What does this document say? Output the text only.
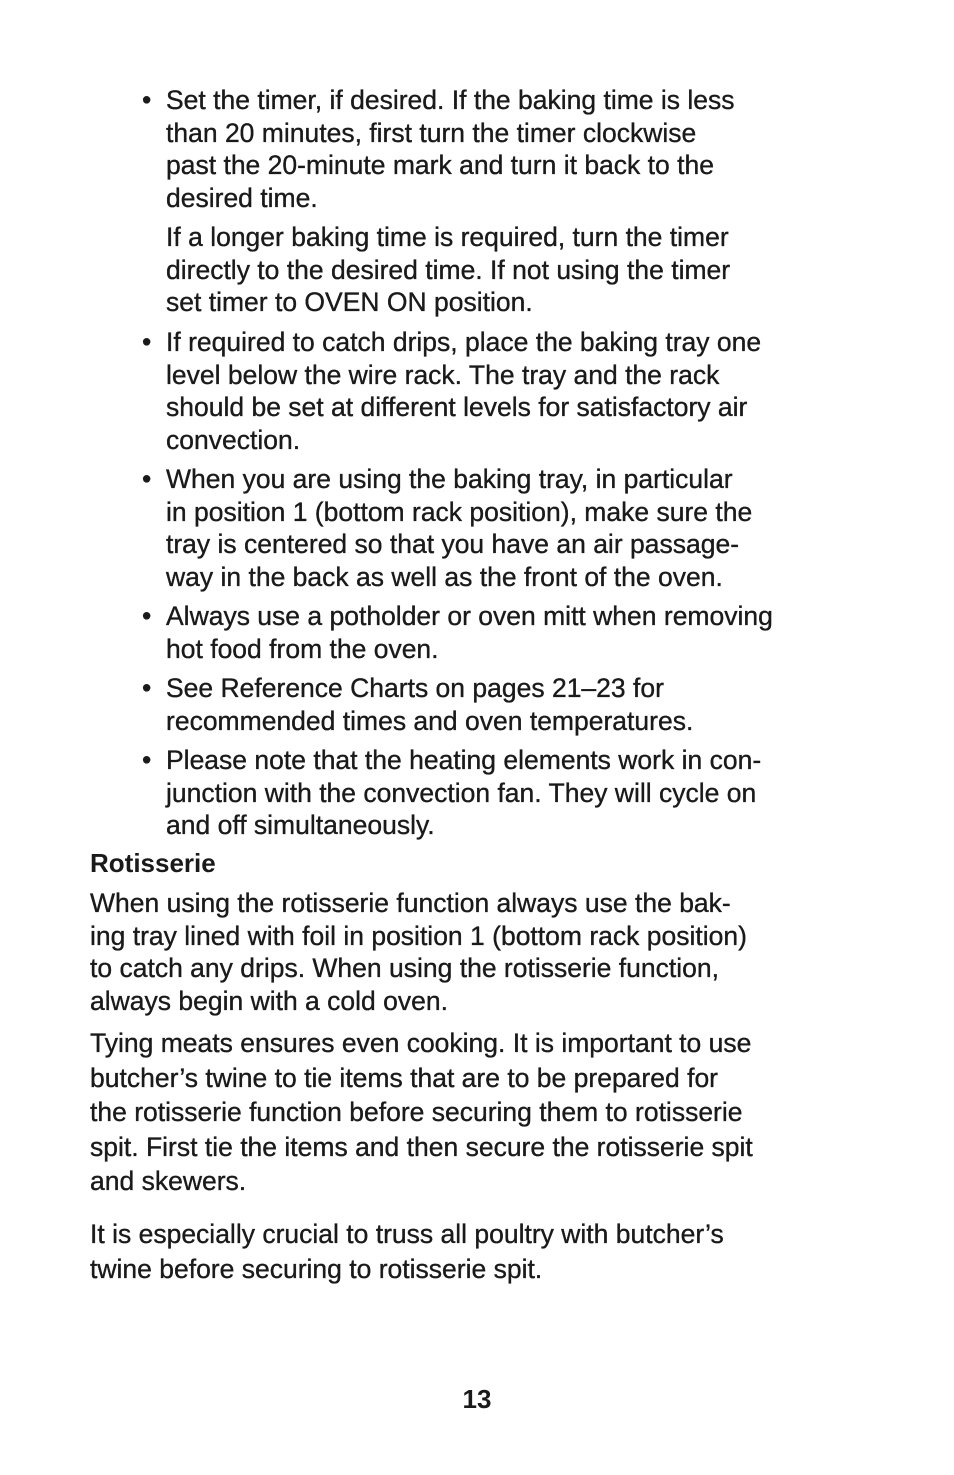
• Set the timer, if desired. If the baking time is less
than 20 minutes, first turn the timer clockwise
past the 20-minute mark and turn it back to the
desired time.

If a longer baking time is required, turn the timer
directly to the desired time. If not using the timer
set timer to OVEN ON position.

• If required to catch drips, place the baking tray one
level below the wire rack. The tray and the rack
should be set at different levels for satisfactory air
convection.

• When you are using the baking tray, in particular
in position 1 (bottom rack position), make sure the
tray is centered so that you have an air passage-
way in the back as well as the front of the oven.

• Always use a potholder or oven mitt when removing
hot food from the oven.

• See Reference Charts on pages 21–23 for
recommended times and oven temperatures.

• Please note that the heating elements work in con-
junction with the convection fan. They will cycle on
and off simultaneously.

Rotisserie

When using the rotisserie function always use the bak-
ing tray lined with foil in position 1 (bottom rack position)
to catch any drips. When using the rotisserie function,
always begin with a cold oven.

Tying meats ensures even cooking. It is important to use
butcher’s twine to tie items that are to be prepared for
the rotisserie function before securing them to rotisserie
spit. First tie the items and then secure the rotisserie spit
and skewers.

It is especially crucial to truss all poultry with butcher’s
twine before securing to rotisserie spit.

13
